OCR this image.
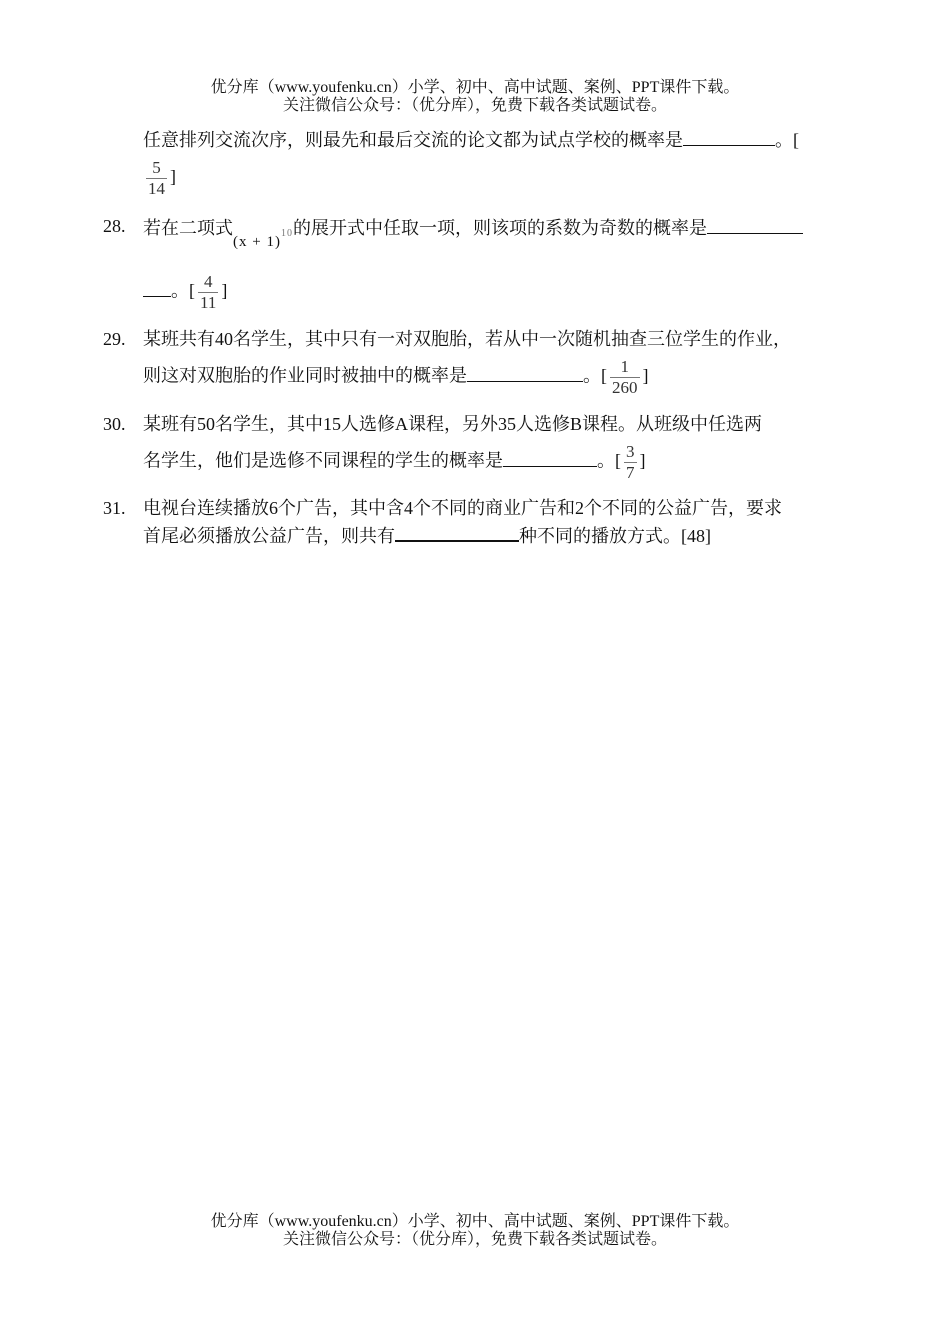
优分库（www.youfenku.cn）小学、初中、高中试题、案例、PPT课件下载。
关注微信公众号：（优分库），免费下载各类试题试卷。
任意排列交流次序，则最先和最后交流的论文都为试点学校的概率是	。[
$\frac{5}{14}$ ]
28. 若在二项式$(x + 1)^{10}$的展开式中任取一项，则该项的系数为奇数的概率是
。[ $\frac{4}{11}$ ]
29. 某班共有40名学生，其中只有一对双胞胎，若从中一次随机抽查三位学生的作业，
则这对双胞胎的作业同时被抽中的概率是	。[ $\frac{1}{260}$ ]
30. 某班有50名学生，其中15人选修A课程，另外35人选修B课程。从班级中任选两
名学生，他们是选修不同课程的学生的概率是	。[ $\frac{3}{7}$ ]
31. 电视台连续播放6个广告，其中含4个不同的商业广告和2个不同的公益广告，要求
首尾必须播放公益广告，则共有	种不同的播放方式。[48]
优分库（www.youfenku.cn）小学、初中、高中试题、案例、PPT课件下载。
关注微信公众号：（优分库），免费下载各类试题试卷。
